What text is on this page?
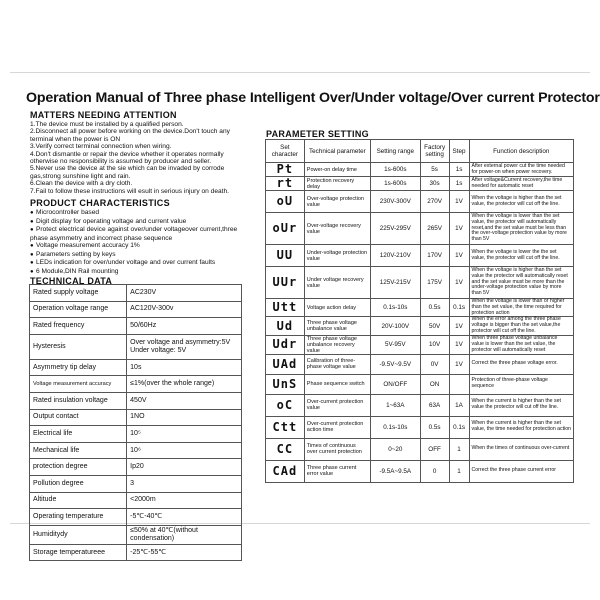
Operation Manual of Three phase Intelligent Over/Under voltage/Over current Protector
MATTERS NEEDING ATTENTION
1.The device must be installed by a qualified person.
2.Disconnect all power before working on the device.Don't touch any terminal when the power is ON
3.Verify correct terminal connection when wiring.
4.Don't dismantle or repair the device whether it operates normally otherwise no responsibility is assumed by producer and seller.
5.Never use the device at the sie which can be invaded by corrode gas,strong sunshine light and rain.
6.Clean the device with a dry cloth.
7.Fail to follow these instructions will esult in serious injury on death.
PRODUCT CHARACTERISTICS
● Microcontroller based
● Digit display for operating voltage and current value
● Protect electrical device against over/under voltageover current,three phase asymmetry and incorrect phase sequence
● Voltage measurement accuracy 1%
● Parameters setting by keys
● LEDs indication for over/under voltage and over current faults
● 6 Module,DIN Rail mounting
TECHNICAL DATA
Rated supply voltage	AC230V
Operation voltage range	AC120V-300v
Rated frequency	50/60Hz
Hysteresis	Over voltage and asymmetry:5V
Under voltage: 5V
Asymmetry tip delay	10s
Voltage measurement accuracy	≤1%(over the whole range)
Rated insulation voltage	450V
Output contact	1NO
Electrical life	10⁵
Mechanical life	10⁶
protection degree	Ip20
Pollution degree	3
Altitude	<2000m
Operating temperature	-5℃-40℃
Humiditydy	≤50% at 40℃(without condensation)
Storage temperatureee	-25℃-55℃
PARAMETER SETTING
Set character	Technical parameter	Setting range	Factory setting	Step	Function description
Pt	Power-on delay time	1s-600s	5s	1s	After external power cut the time needed for power-on when power recovery.
rt	Protection recovery delay	1s-600s	30s	1s	After voltage&Current recovery,the time needed for automatic reset
oU	Over-voltage protection value	230V-300V	270V	1V	When the voltage is higher than the set value, the protector will cut off the line.
oUr	Over-voltage recovery value	225V-295V	265V	1V	When the voltage is lower than the set value, the protector will automatically reset,and the set value must be less than the over-voltage protection value by more than 5V
UU	Under-voltage protection value	120V-210V	170V	1V	When the voltage is lower the the set value, the protector will cut off the line.
UUr	Under voltage recovery value	125V-215V	175V	1V	When the voltage is higher than the set value the protector will automatically reset and the set value must be more than the under-voltage protection value by more than 5V
Utt	Voltage action delay	0.1s-10s	0.5s	0.1s	When the voltage is lower than or higher than the set value, the time required for protection action
Ud	Three phase voltage unbalance value	20V-100V	50V	1V	When the error among the three phase voltage is bigger than the set value,the protector will cut off the line.
Udr	Three phase voltage unbalance recovery value	5V-95V	10V	1V	When three phase voltage unbalance value is lower than the set value, the protector will automatically reset
UAd	Calibration of three-phase voltage value	-9.5V~9.5V	0V	1V	Correct the three phase voltage error.
UnS	Phase sequence switch	ON/OFF	ON		Protection of three-phase voltage sequence
oC	Over-current protection value	1~63A	63A	1A	When the current is higher than the set value the protector will cut off the line.
Ctt	Over-current protection action time	0.1s-10s	0.5s	0.1s	When the current is higher than the set value, the time needed for protection action
CC	Times of continuous over current protection	0~20	OFF	1	When the times of continuous over-current
CAd	Three phase current error value	-9.5A~9.5A	0	1	Correct the three phase current error
